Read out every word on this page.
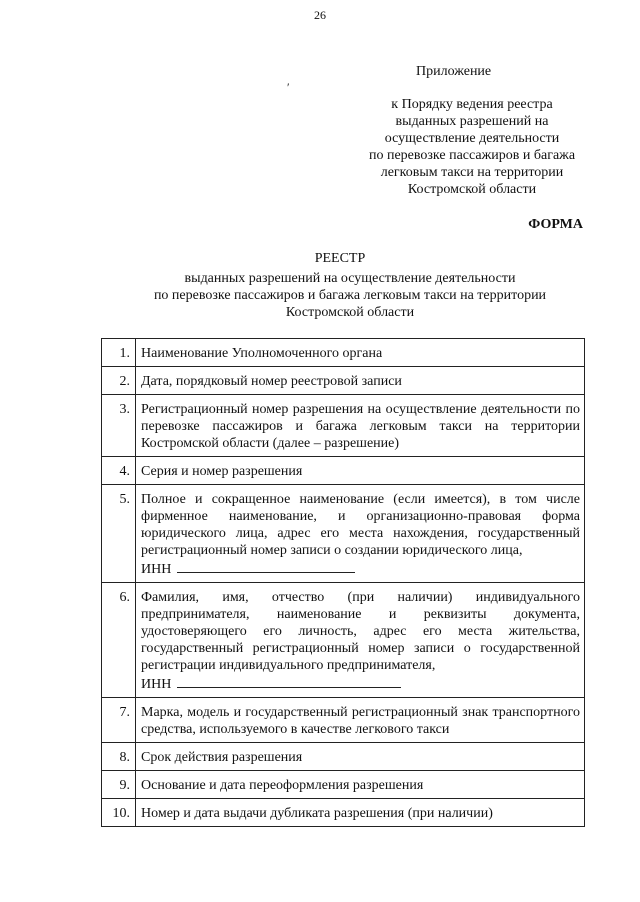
26
Приложение
′
к Порядку ведения реестра
выданных разрешений на
осуществление деятельности
по перевозке пассажиров и багажа
легковым такси на территории
Костромской области
ФОРМА
РЕЕСТР
выданных разрешений на осуществление деятельности
по перевозке пассажиров и багажа легковым такси на территории
Костромской области
1.	Наименование Уполномоченного органа
2.	Дата, порядковый номер реестровой записи
3.	Регистрационный номер разрешения на осуществление деятельности по перевозке пассажиров и багажа легковым такси на территории Костромской области (далее – разрешение)
4.	Серия и номер разрешения
5.	Полное и сокращенное наименование (если имеется), в том числе фирменное наименование, и организационно-правовая форма юридического лица, адрес его места нахождения, государственный регистрационный номер записи о создании юридического лица,
ИНН
6.	Фамилия, имя, отчество (при наличии) индивидуального предпринимателя, наименование и реквизиты документа, удостоверяющего его личность, адрес его места жительства, государственный регистрационный номер записи о государственной регистрации индивидуального предпринимателя,
ИНН
7.	Марка, модель и государственный регистрационный знак транспортного средства, используемого в качестве легкового такси
8.	Срок действия разрешения
9.	Основание и дата переоформления разрешения
10.	Номер и дата выдачи дубликата разрешения (при наличии)
